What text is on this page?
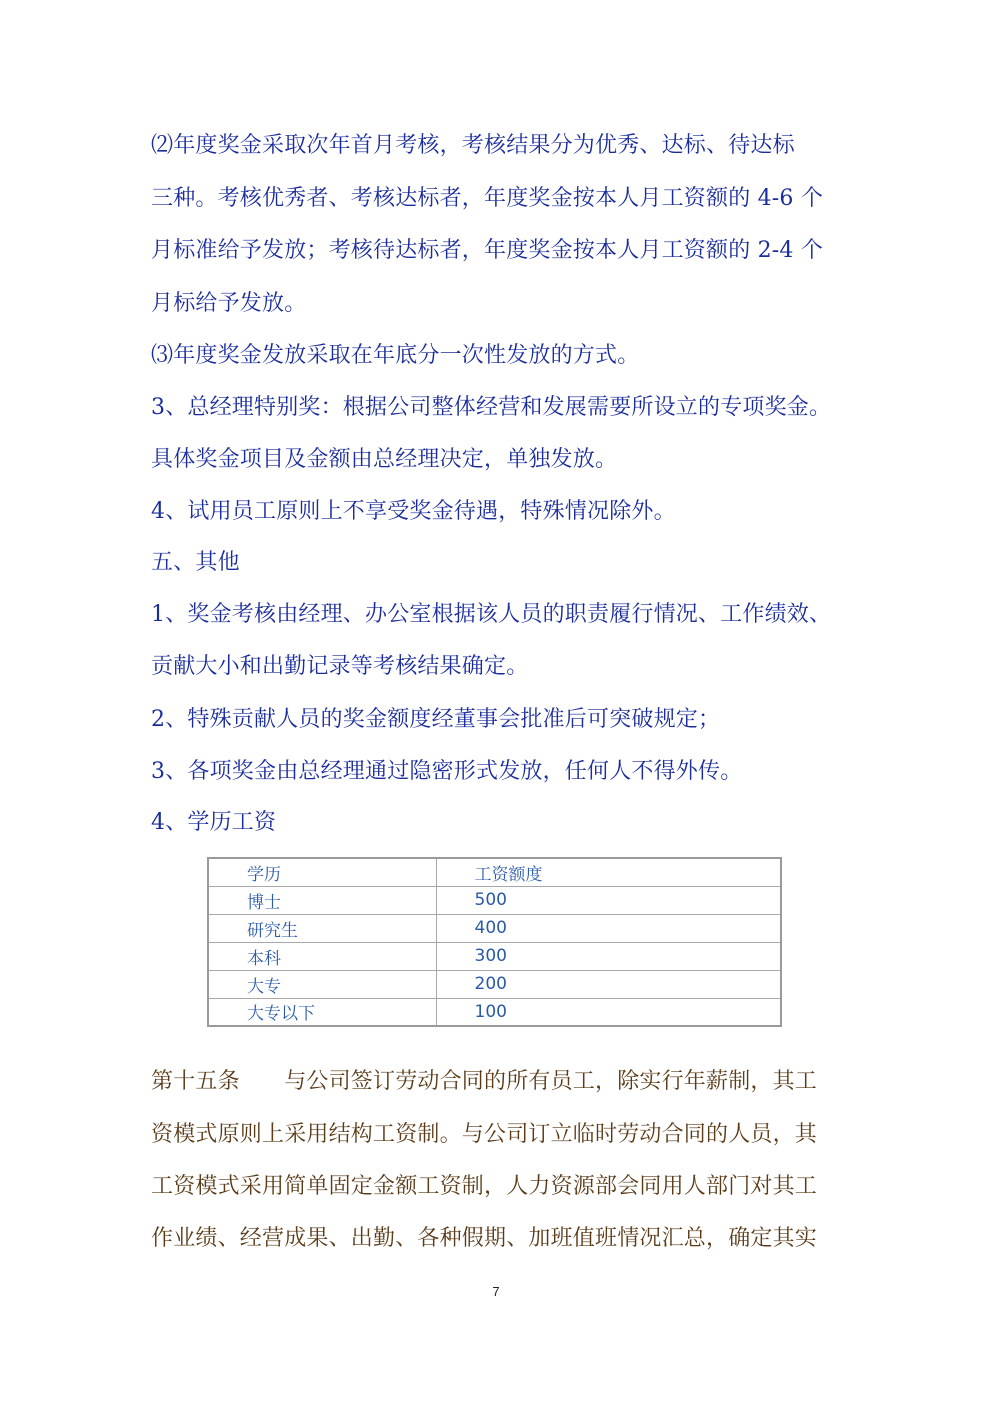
⑵年度奖金采取次年首月考核，考核结果分为优秀、达标、待达标

三种。考核优秀者、考核达标者，年度奖金按本人月工资额的 4-6 个

月标准给予发放；考核待达标者，年度奖金按本人月工资额的 2-4 个

月标给予发放。

⑶年度奖金发放采取在年底分一次性发放的方式。

3、总经理特别奖：根据公司整体经营和发展需要所设立的专项奖金。

具体奖金项目及金额由总经理决定，单独发放。

4、试用员工原则上不享受奖金待遇，特殊情况除外。

五、其他

1、奖金考核由经理、办公室根据该人员的职责履行情况、工作绩效、

贡献大小和出勤记录等考核结果确定。

2、特殊贡献人员的奖金额度经董事会批准后可突破规定；

3、各项奖金由总经理通过隐密形式发放，任何人不得外传。

4、学历工资

学历	工资额度
博士	500
研究生	400
本科	300
大专	200
大专以下	100

第十五条　　与公司签订劳动合同的所有员工，除实行年薪制，其工

资模式原则上采用结构工资制。与公司订立临时劳动合同的人员，其

工资模式采用简单固定金额工资制，人力资源部会同用人部门对其工

作业绩、经营成果、出勤、各种假期、加班值班情况汇总，确定其实

7
